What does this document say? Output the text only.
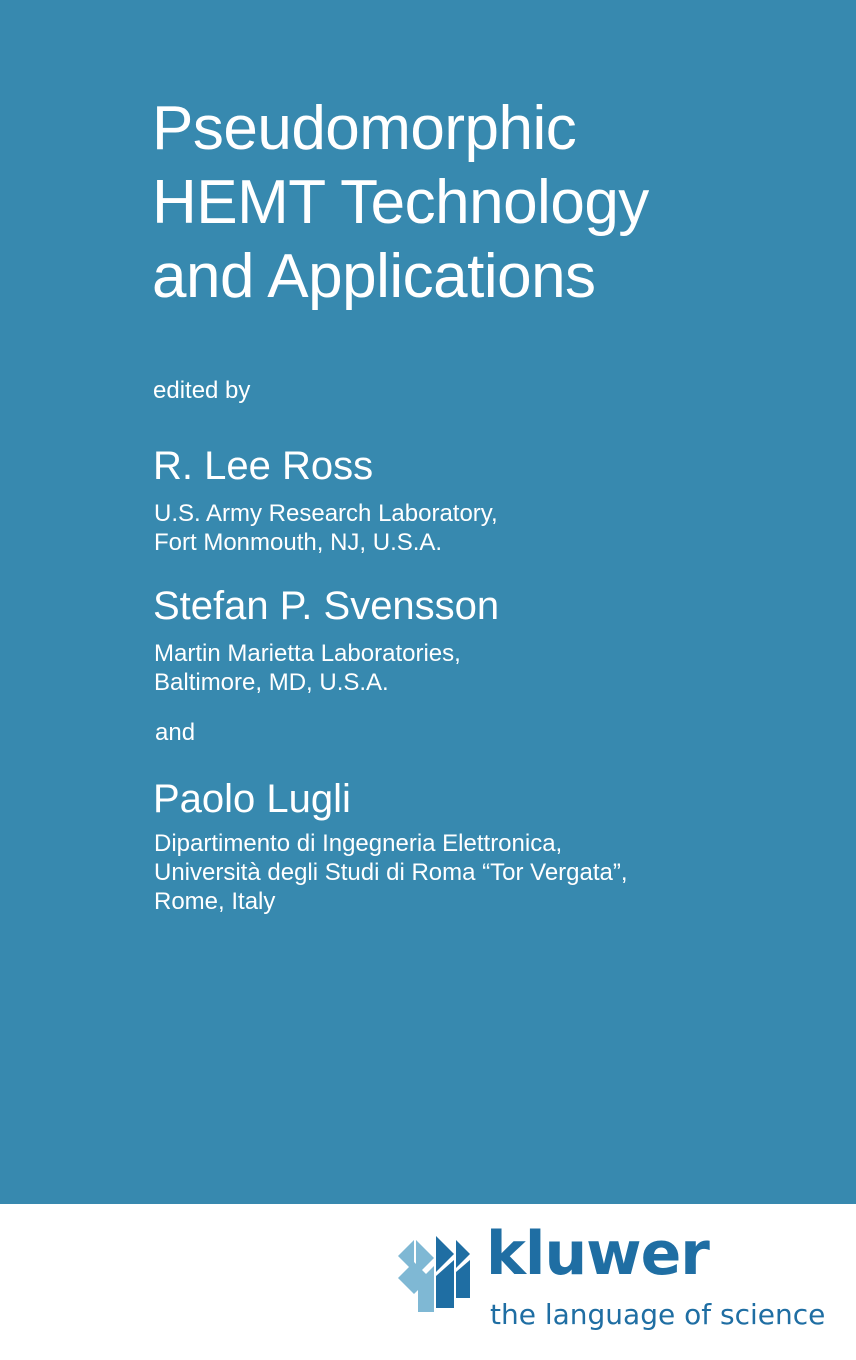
Pseudomorphic
HEMT Technology
and Applications
edited by
R. Lee Ross
U.S. Army Research Laboratory,
Fort Monmouth, NJ, U.S.A.
Stefan P. Svensson
Martin Marietta Laboratories,
Baltimore, MD, U.S.A.
and
Paolo Lugli
Dipartimento di Ingegneria Elettronica,
Università degli Studi di Roma “Tor Vergata”,
Rome, Italy
kluwer
the language of science
